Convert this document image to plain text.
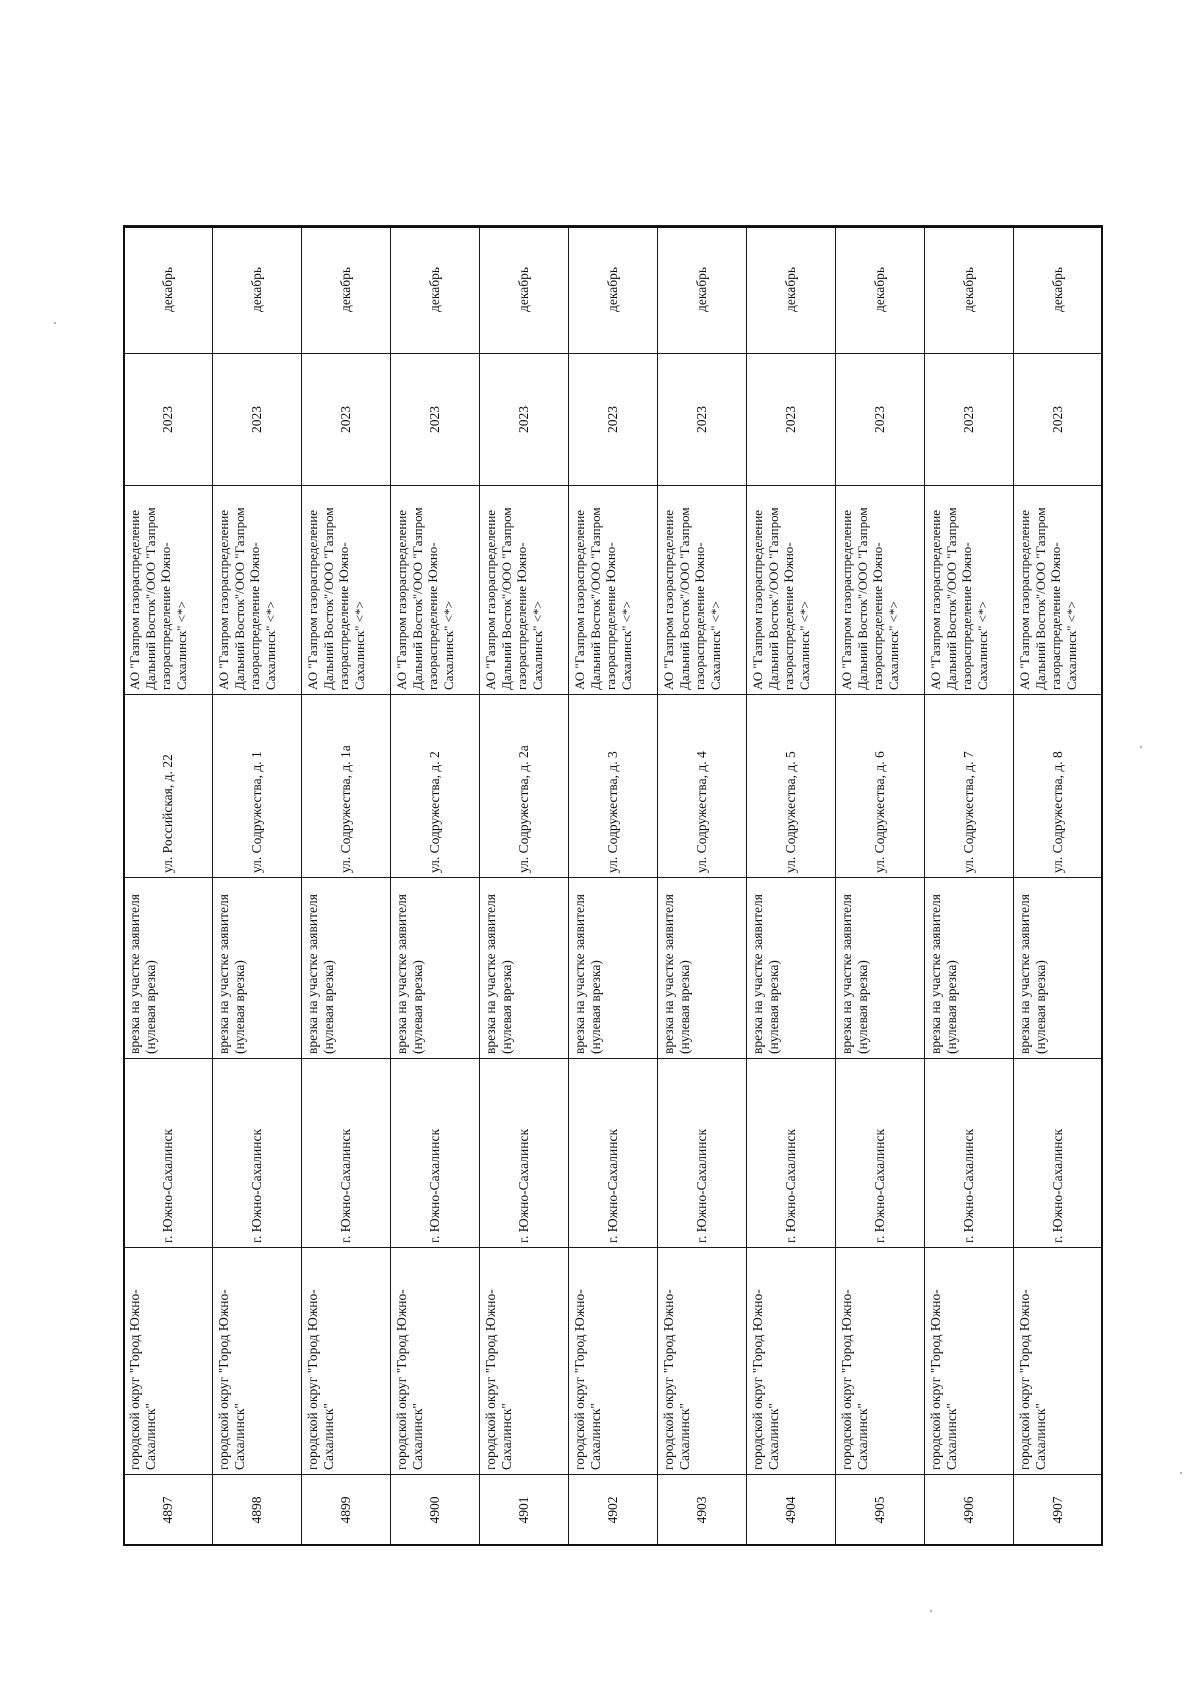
4897	городской округ "Город Южно-Сахалинск"	г. Южно-Сахалинск	врезка на участке заявителя (нулевая врезка)	ул. Российская, д. 22	АО "Газпром газораспределение Дальний Восток"/ООО "Газпром газораспределение Южно-Сахалинск" <*>	2023	декабрь
4898	городской округ "Город Южно-Сахалинск"	г. Южно-Сахалинск	врезка на участке заявителя (нулевая врезка)	ул. Содружества, д. 1	АО "Газпром газораспределение Дальний Восток"/ООО "Газпром газораспределение Южно-Сахалинск" <*>	2023	декабрь
4899	городской округ "Город Южно-Сахалинск"	г. Южно-Сахалинск	врезка на участке заявителя (нулевая врезка)	ул. Содружества, д. 1а	АО "Газпром газораспределение Дальний Восток"/ООО "Газпром газораспределение Южно-Сахалинск" <*>	2023	декабрь
4900	городской округ "Город Южно-Сахалинск"	г. Южно-Сахалинск	врезка на участке заявителя (нулевая врезка)	ул. Содружества, д. 2	АО "Газпром газораспределение Дальний Восток"/ООО "Газпром газораспределение Южно-Сахалинск" <*>	2023	декабрь
4901	городской округ "Город Южно-Сахалинск"	г. Южно-Сахалинск	врезка на участке заявителя (нулевая врезка)	ул. Содружества, д. 2а	АО "Газпром газораспределение Дальний Восток"/ООО "Газпром газораспределение Южно-Сахалинск" <*>	2023	декабрь
4902	городской округ "Город Южно-Сахалинск"	г. Южно-Сахалинск	врезка на участке заявителя (нулевая врезка)	ул. Содружества, д. 3	АО "Газпром газораспределение Дальний Восток"/ООО "Газпром газораспределение Южно-Сахалинск" <*>	2023	декабрь
4903	городской округ "Город Южно-Сахалинск"	г. Южно-Сахалинск	врезка на участке заявителя (нулевая врезка)	ул. Содружества, д. 4	АО "Газпром газораспределение Дальний Восток"/ООО "Газпром газораспределение Южно-Сахалинск" <*>	2023	декабрь
4904	городской округ "Город Южно-Сахалинск"	г. Южно-Сахалинск	врезка на участке заявителя (нулевая врезка)	ул. Содружества, д. 5	АО "Газпром газораспределение Дальний Восток"/ООО "Газпром газораспределение Южно-Сахалинск" <*>	2023	декабрь
4905	городской округ "Город Южно-Сахалинск"	г. Южно-Сахалинск	врезка на участке заявителя (нулевая врезка)	ул. Содружества, д. 6	АО "Газпром газораспределение Дальний Восток"/ООО "Газпром газораспределение Южно-Сахалинск" <*>	2023	декабрь
4906	городской округ "Город Южно-Сахалинск"	г. Южно-Сахалинск	врезка на участке заявителя (нулевая врезка)	ул. Содружества, д. 7	АО "Газпром газораспределение Дальний Восток"/ООО "Газпром газораспределение Южно-Сахалинск" <*>	2023	декабрь
4907	городской округ "Город Южно-Сахалинск"	г. Южно-Сахалинск	врезка на участке заявителя (нулевая врезка)	ул. Содружества, д. 8	АО "Газпром газораспределение Дальний Восток"/ООО "Газпром газораспределение Южно-Сахалинск" <*>	2023	декабрь
